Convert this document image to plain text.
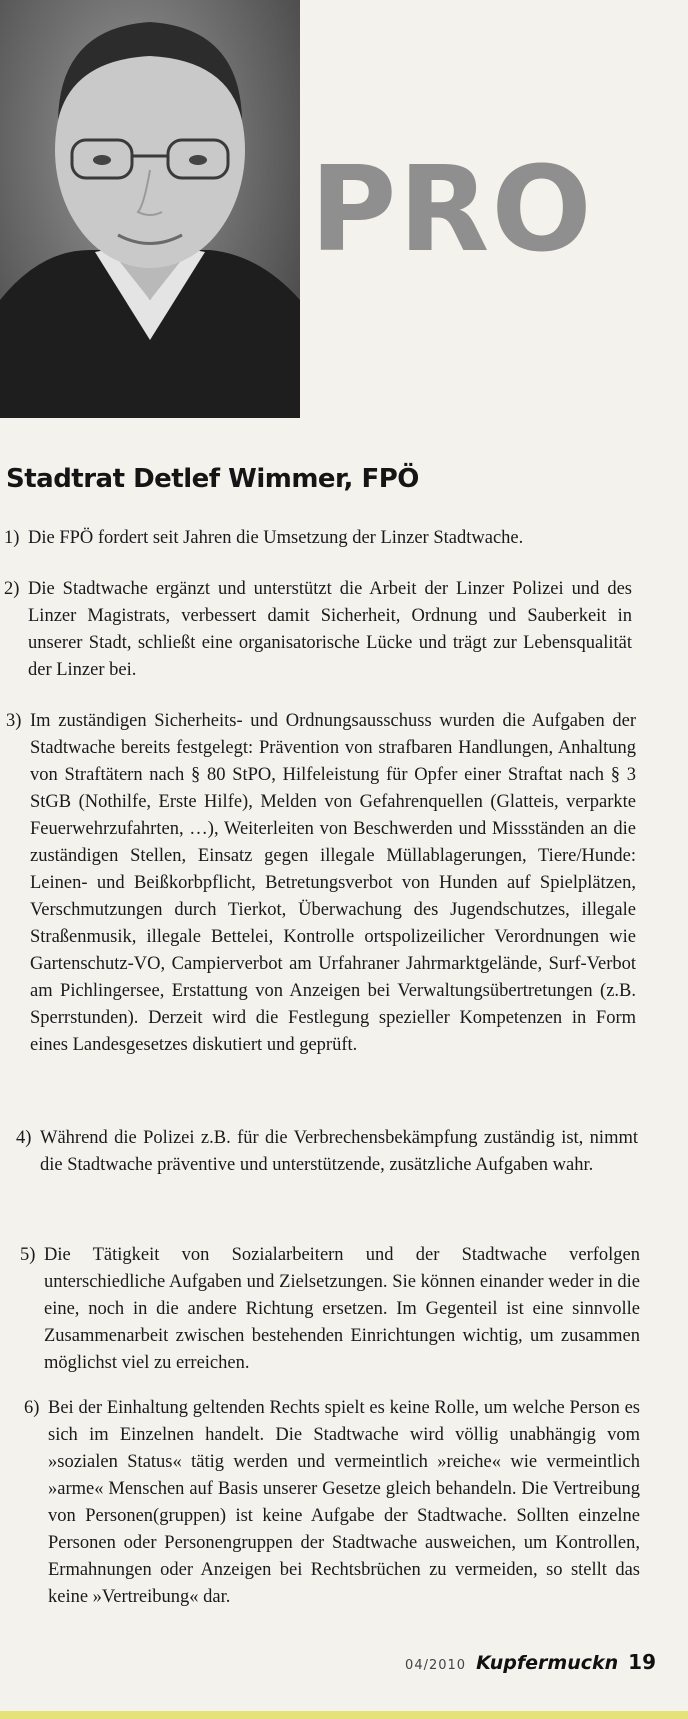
PRO
Stadtrat Detlef Wimmer, FPÖ
1) Die FPÖ fordert seit Jahren die Umsetzung der Linzer Stadtwache.
2) Die Stadtwache ergänzt und unterstützt die Arbeit der Linzer Polizei und des Linzer Magistrats, verbessert damit Sicherheit, Ordnung und Sauberkeit in unserer Stadt, schließt eine organisatorische Lücke und trägt zur Lebensqualität der Linzer bei.
3) Im zuständigen Sicherheits- und Ordnungsausschuss wurden die Aufgaben der Stadtwache bereits festgelegt: Prävention von strafbaren Handlungen, Anhaltung von Straftätern nach § 80 StPO, Hilfeleistung für Opfer einer Straftat nach § 3 StGB (Nothilfe, Erste Hilfe), Melden von Gefahrenquellen (Glatteis, verparkte Feuerwehrzufahrten, …), Weiterleiten von Beschwerden und Missständen an die zuständigen Stellen, Einsatz gegen illegale Müllablagerungen, Tiere/Hunde: Leinen- und Beißkorbpflicht, Betretungsverbot von Hunden auf Spielplätzen, Verschmutzungen durch Tierkot, Überwachung des Jugendschutzes, illegale Straßenmusik, illegale Bettelei, Kontrolle ortspolizeilicher Verordnungen wie Gartenschutz-VO, Campierverbot am Urfahraner Jahrmarktgelände, Surf-Verbot am Pichlingersee, Erstattung von Anzeigen bei Verwaltungsübertretungen (z.B. Sperrstunden). Derzeit wird die Festlegung spezieller Kompetenzen in Form eines Landesgesetzes diskutiert und geprüft.
4) Während die Polizei z.B. für die Verbrechensbekämpfung zuständig ist, nimmt die Stadtwache präventive und unterstützende, zusätzliche Aufgaben wahr.
5) Die Tätigkeit von Sozialarbeitern und der Stadtwache verfolgen unterschiedliche Aufgaben und Zielsetzungen. Sie können einander weder in die eine, noch in die andere Richtung ersetzen. Im Gegenteil ist eine sinnvolle Zusammenarbeit zwischen bestehenden Einrichtungen wichtig, um zusammen möglichst viel zu erreichen.
6) Bei der Einhaltung geltenden Rechts spielt es keine Rolle, um welche Person es sich im Einzelnen handelt. Die Stadtwache wird völlig unabhängig vom »sozialen Status« tätig werden und vermeintlich »reiche« wie vermeintlich »arme« Menschen auf Basis unserer Gesetze gleich behandeln. Die Vertreibung von Personen(gruppen) ist keine Aufgabe der Stadtwache. Sollten einzelne Personen oder Personengruppen der Stadtwache ausweichen, um Kontrollen, Ermahnungen oder Anzeigen bei Rechtsbrüchen zu vermeiden, so stellt das keine »Vertreibung« dar.
04/2010 Kupfermuckn 19
